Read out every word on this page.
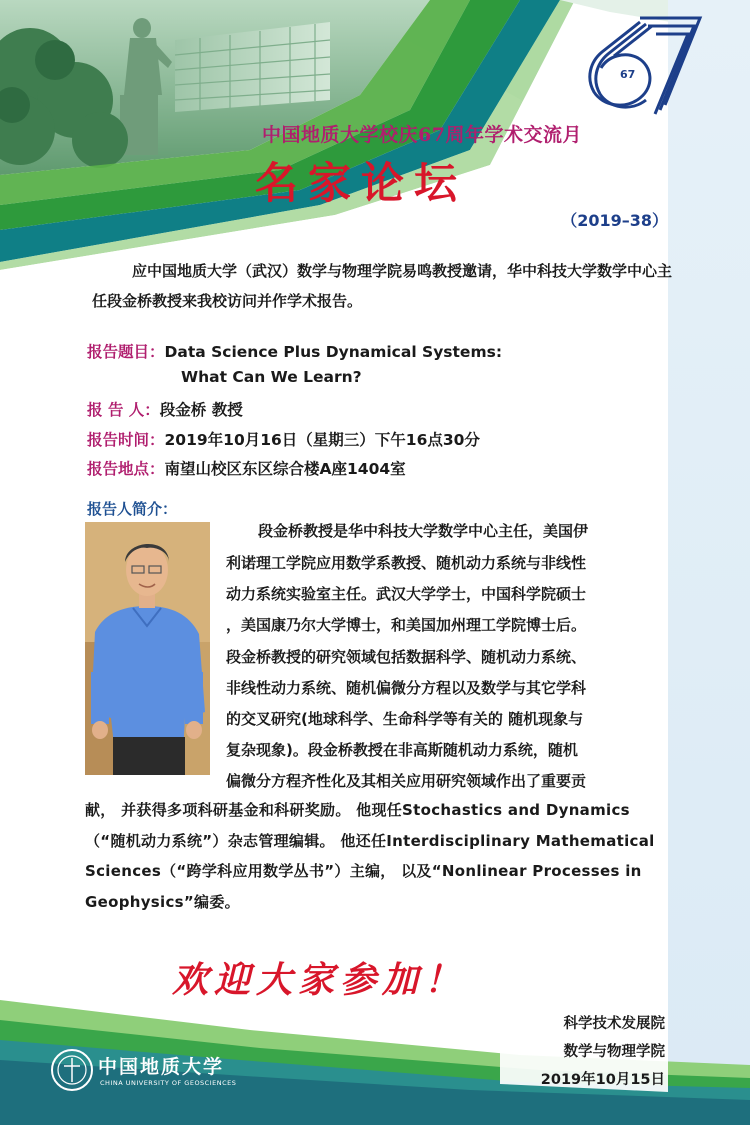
67
中国地质大学校庆67周年学术交流月
名家论坛
（2019–38）

应中国地质大学（武汉）数学与物理学院易鸣教授邀请，华中科技大学数学中心主任段金桥教授来我校访问并作学术报告。

报告题目：Data Science Plus Dynamical Systems:
What Can We Learn?
报 告 人：段金桥 教授
报告时间：2019年10月16日（星期三）下午16点30分
报告地点：南望山校区东区综合楼A座1404室
报告人简介：
段金桥教授是华中科技大学数学中心主任，美国伊
利诺理工学院应用数学系教授、随机动力系统与非线性
动力系统实验室主任。武汉大学学士，中国科学院硕士
，美国康乃尔大学博士，和美国加州理工学院博士后。
段金桥教授的研究领域包括数据科学、随机动力系统、
非线性动力系统、随机偏微分方程以及数学与其它学科
的交叉研究(地球科学、生命科学等有关的 随机现象与
复杂现象)。段金桥教授在非高斯随机动力系统，随机
偏微分方程齐性化及其相关应用研究领域作出了重要贡
献， 并获得多项科研基金和科研奖励。 他现任Stochastics and Dynamics（“随机动力系统”）杂志管理编辑。 他还任Interdisciplinary Mathematical Sciences（“跨学科应用数学丛书”）主编， 以及“Nonlinear Processes in Geophysics”编委。
欢迎大家参加！
科学技术发展院
数学与物理学院
2019年10月15日
中国地质大学
CHINA UNIVERSITY OF GEOSCIENCES
